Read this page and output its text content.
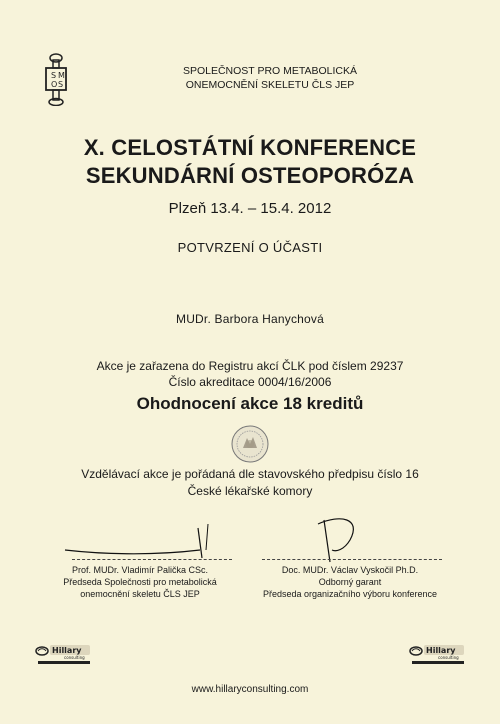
S M
O S
SPOLEČNOST PRO METABOLICKÁ
ONEMOCNĚNÍ SKELETU ČLS JEP
X. CELOSTÁTNÍ KONFERENCE
SEKUNDÁRNÍ OSTEOPORÓZA
Plzeň 13.4. – 15.4. 2012
POTVRZENÍ O ÚČASTI
MUDr. Barbora Hanychová
Akce je zařazena do Registru akcí ČLK pod číslem 29237
Číslo akreditace 0004/16/2006
Ohodnocení akce 18 kreditů
Vzdělávací akce je pořádaná dle stavovského předpisu číslo 16
České lékařské komory
Prof. MUDr. Vladimír Palička CSc.
Předseda Společnosti pro metabolická
onemocnění skeletu ČLS JEP
Doc. MUDr. Václav Vyskočil Ph.D.
Odborný garant
Předseda organizačního výboru konference
Hillary
consulting
Hillary
consulting
www.hillaryconsulting.com
